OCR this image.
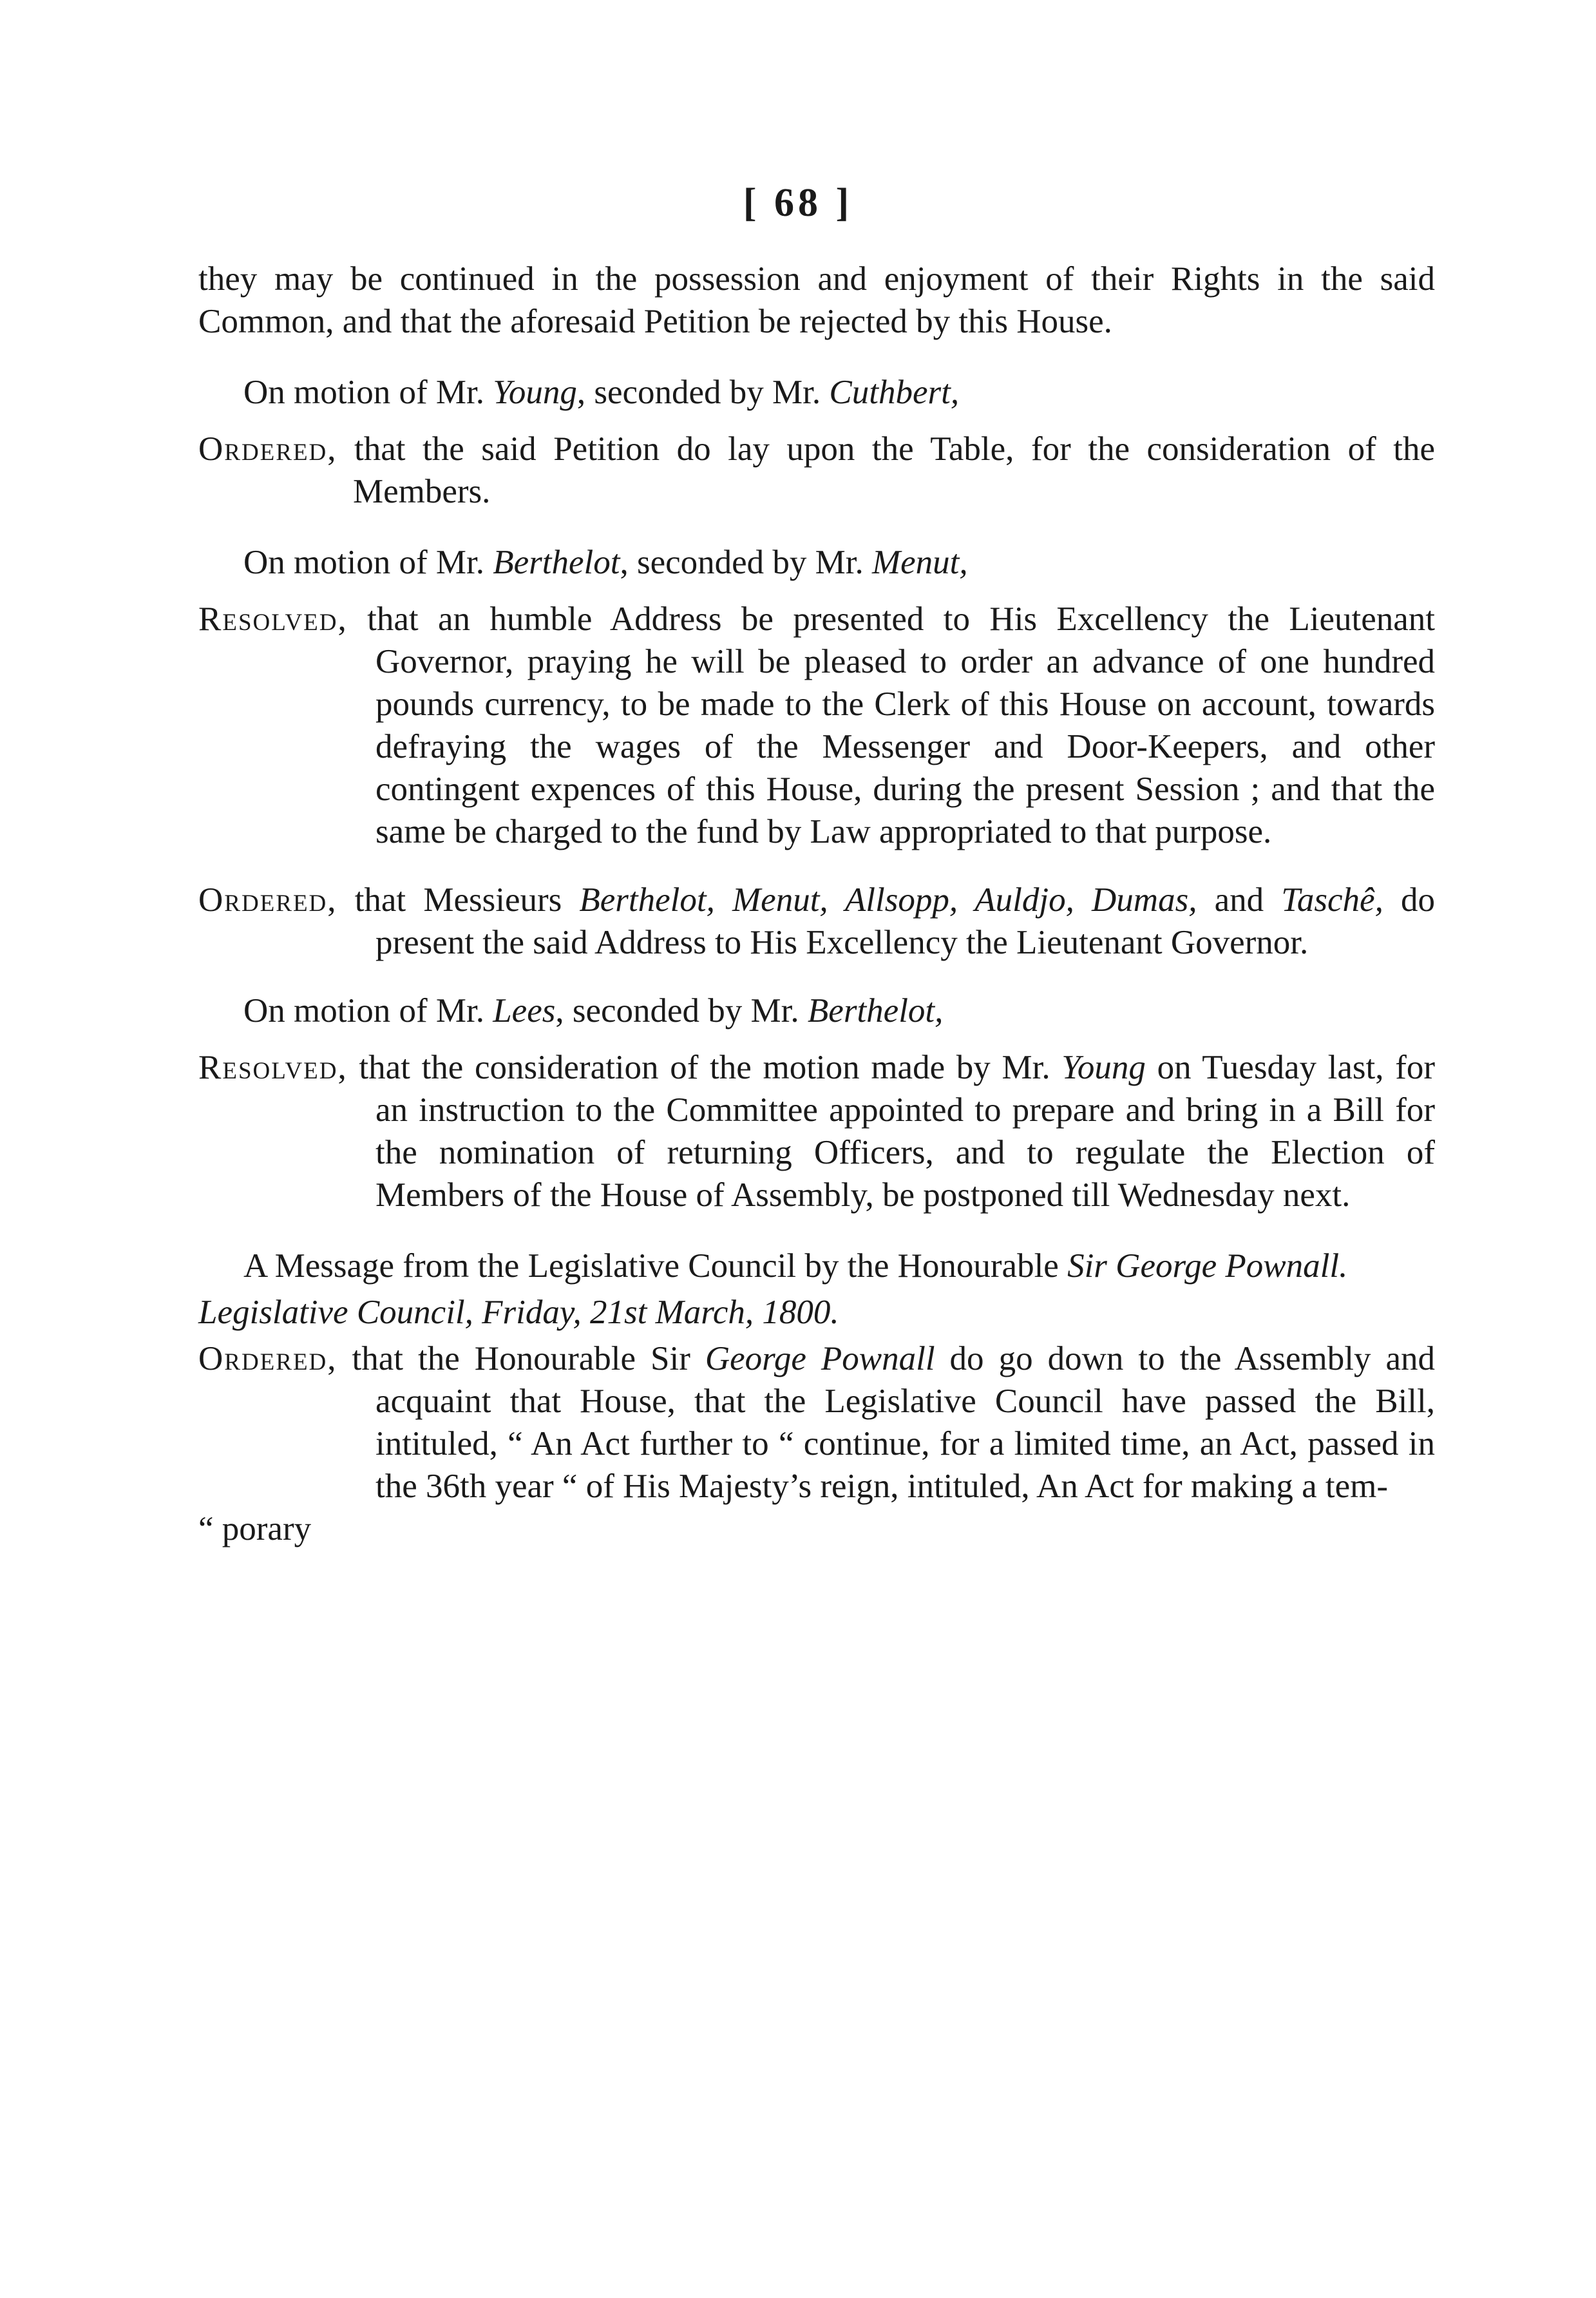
[ 68 ]

they may be continued in the possession and enjoyment of their Rights in the said Common, and that the aforesaid Petition be rejected by this House.

On motion of Mr. Young, seconded by Mr. Cuthbert,

Ordered, that the said Petition do lay upon the Table, for the consideration of the Members.

On motion of Mr. Berthelot, seconded by Mr. Menut,

Resolved, that an humble Address be presented to His Excellency the Lieutenant Governor, praying he will be pleased to order an advance of one hundred pounds currency, to be made to the Clerk of this House on account, towards defraying the wages of the Messenger and Door-Keepers, and other contingent expences of this House, during the present Session ; and that the same be charged to the fund by Law appropriated to that purpose.

Ordered, that Messieurs Berthelot, Menut, Allsopp, Auldjo, Dumas, and Taschê, do present the said Address to His Excellency the Lieutenant Governor.

On motion of Mr. Lees, seconded by Mr. Berthelot,

Resolved, that the consideration of the motion made by Mr. Young on Tuesday last, for an instruction to the Committee appointed to prepare and bring in a Bill for the nomination of returning Officers, and to regulate the Election of Members of the House of Assembly, be postponed till Wednesday next.

A Message from the Legislative Council by the Honourable Sir George Pownall.

Legislative Council, Friday, 21st March, 1800.

Ordered, that the Honourable Sir George Pownall do go down to the Assembly and acquaint that House, that the Legislative Council have passed the Bill, intituled, “ An Act further to “ continue, for a limited time, an Act, passed in the 36th year “ of His Majesty’s reign, intituled, An Act for making a tem-

“ porary
